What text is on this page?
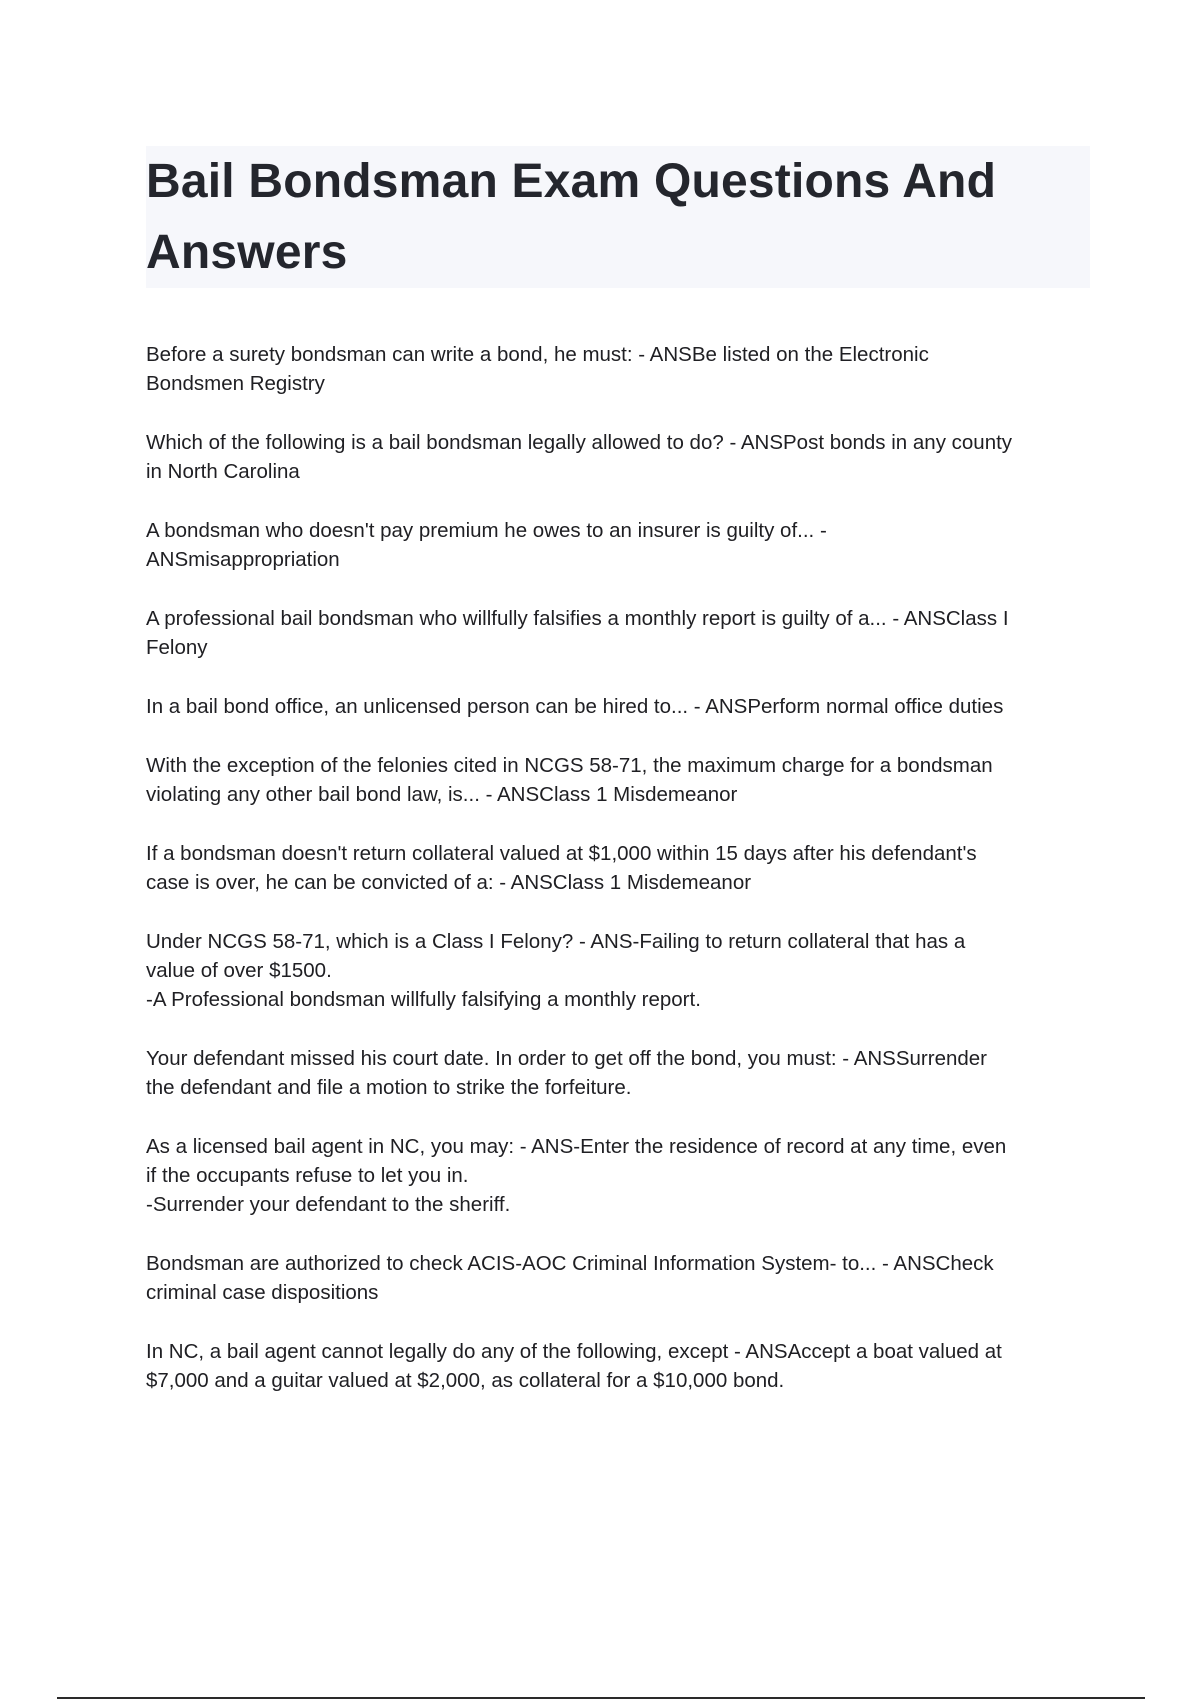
Bail Bondsman Exam Questions And Answers

Before a surety bondsman can write a bond, he must: - ANSBe listed on the Electronic
Bondsmen Registry

Which of the following is a bail bondsman legally allowed to do? - ANSPost bonds in any county
in North Carolina

A bondsman who doesn't pay premium he owes to an insurer is guilty of... -
ANSmisappropriation

A professional bail bondsman who willfully falsifies a monthly report is guilty of a... - ANSClass I
Felony

In a bail bond office, an unlicensed person can be hired to... - ANSPerform normal office duties

With the exception of the felonies cited in NCGS 58-71, the maximum charge for a bondsman
violating any other bail bond law, is... - ANSClass 1 Misdemeanor

If a bondsman doesn't return collateral valued at $1,000 within 15 days after his defendant's
case is over, he can be convicted of a: - ANSClass 1 Misdemeanor

Under NCGS 58-71, which is a Class I Felony? - ANS-Failing to return collateral that has a
value of over $1500.
-A Professional bondsman willfully falsifying a monthly report.

Your defendant missed his court date. In order to get off the bond, you must: - ANSSurrender
the defendant and file a motion to strike the forfeiture.

As a licensed bail agent in NC, you may: - ANS-Enter the residence of record at any time, even
if the occupants refuse to let you in.
-Surrender your defendant to the sheriff.

Bondsman are authorized to check ACIS-AOC Criminal Information System- to... - ANSCheck
criminal case dispositions

In NC, a bail agent cannot legally do any of the following, except - ANSAccept a boat valued at
$7,000 and a guitar valued at $2,000, as collateral for a $10,000 bond.
